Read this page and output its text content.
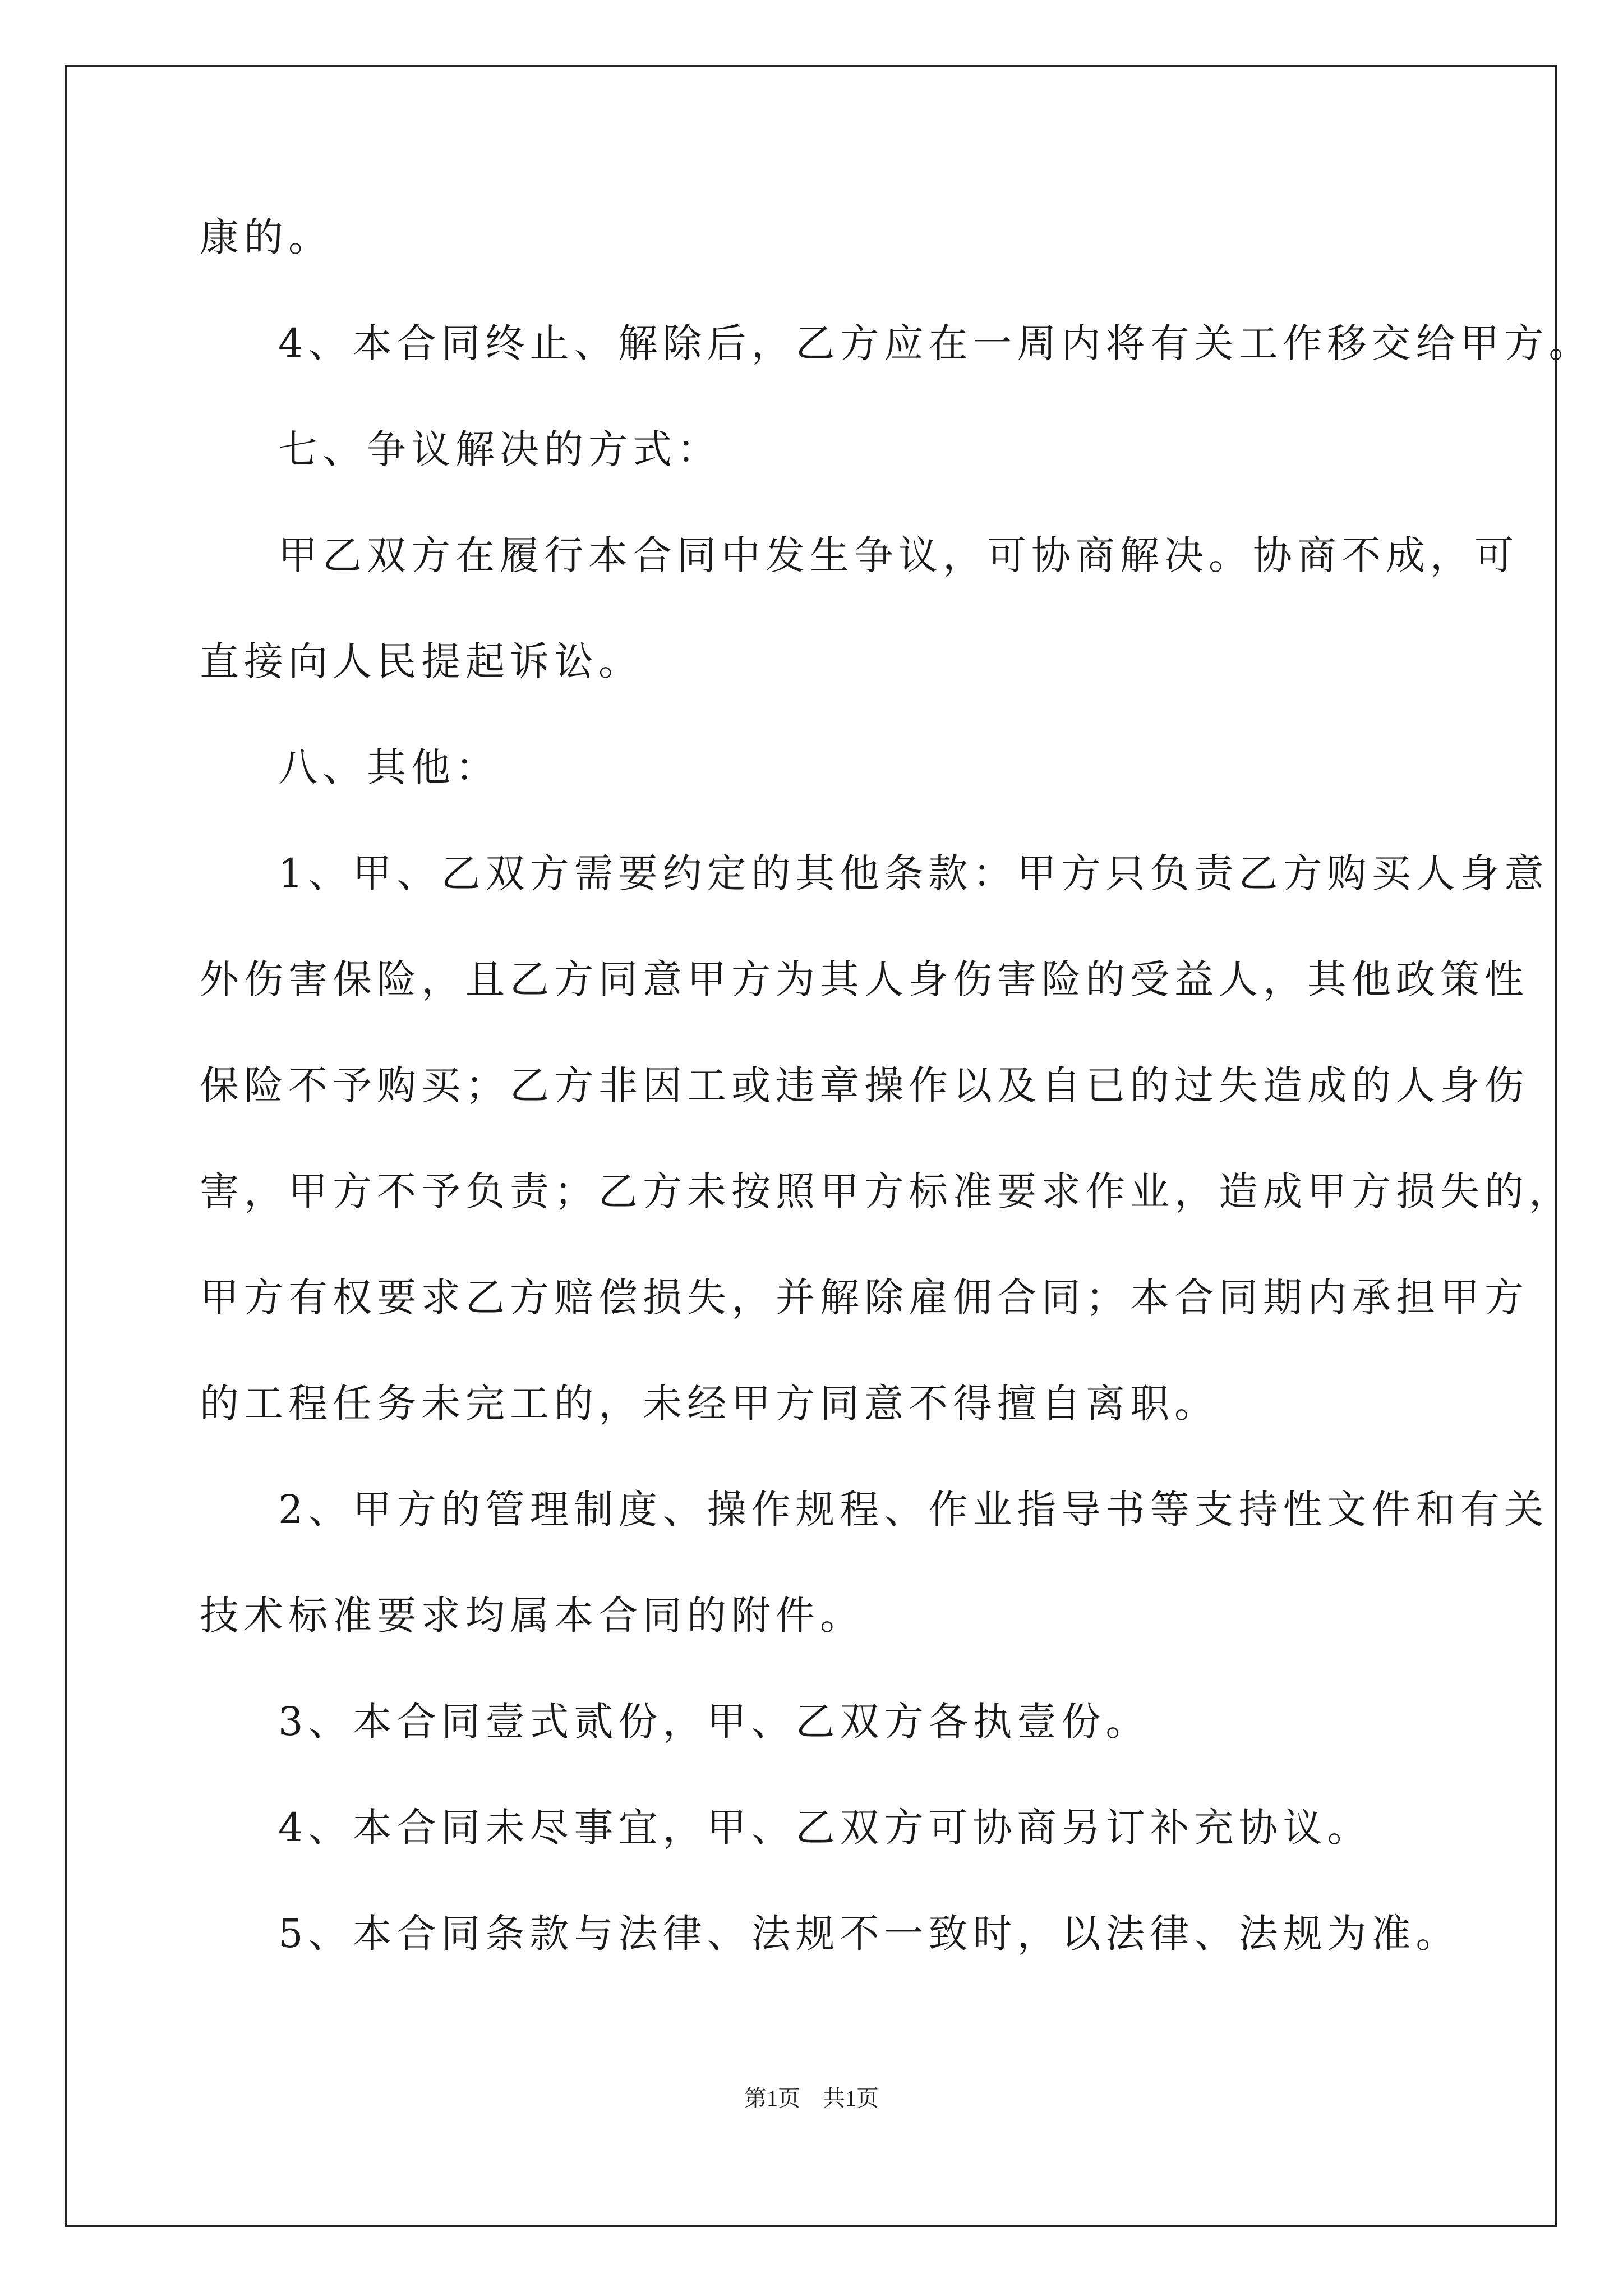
康的。
4、本合同终止、解除后，乙方应在一周内将有关工作移交给甲方。
七、争议解决的方式：
甲乙双方在履行本合同中发生争议，可协商解决。协商不成，可
直接向人民提起诉讼。
八、其他：
1、甲、乙双方需要约定的其他条款：甲方只负责乙方购买人身意
外伤害保险，且乙方同意甲方为其人身伤害险的受益人，其他政策性
保险不予购买；乙方非因工或违章操作以及自已的过失造成的人身伤
害，甲方不予负责；乙方未按照甲方标准要求作业，造成甲方损失的，
甲方有权要求乙方赔偿损失，并解除雇佣合同；本合同期内承担甲方
的工程任务未完工的，未经甲方同意不得擅自离职。
2、甲方的管理制度、操作规程、作业指导书等支持性文件和有关
技术标准要求均属本合同的附件。
3、本合同壹式贰份，甲、乙双方各执壹份。
4、本合同未尽事宜，甲、乙双方可协商另订补充协议。
5、本合同条款与法律、法规不一致时，以法律、法规为准。
第1页　共1页
